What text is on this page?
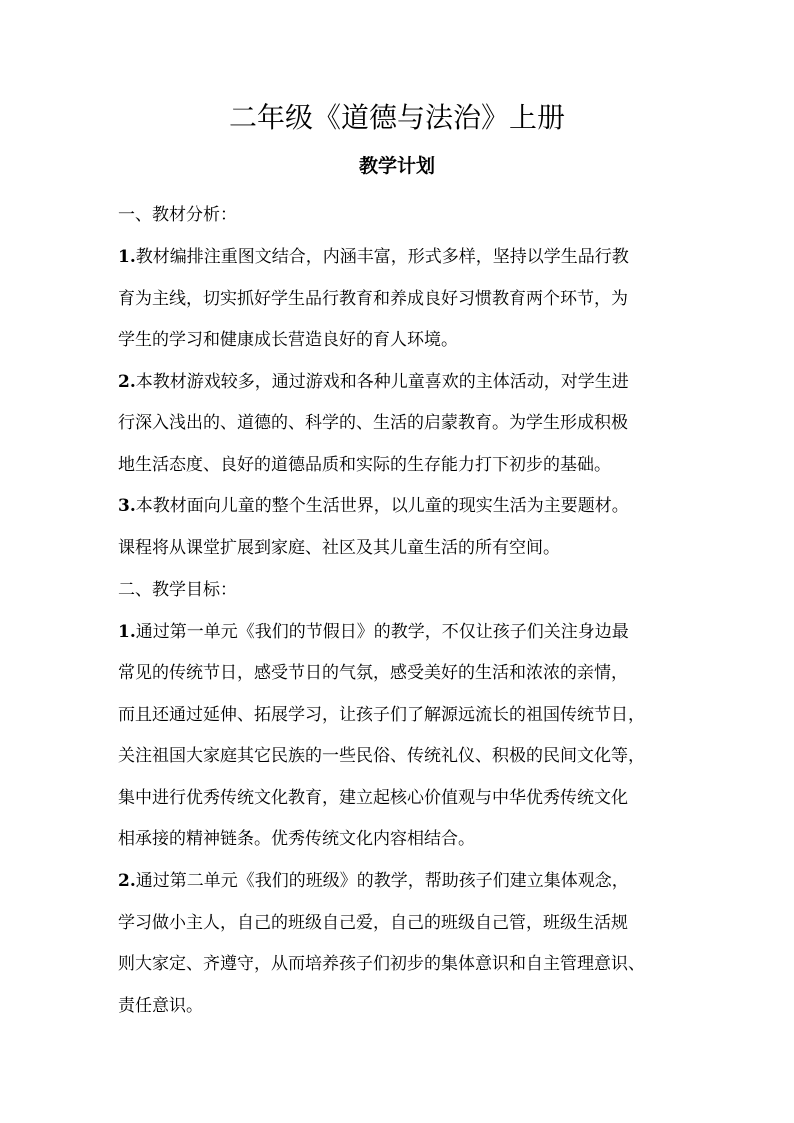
二年级《道德与法治》上册
教学计划
一、教材分析：
1.教材编排注重图文结合，内涵丰富，形式多样，坚持以学生品行教
育为主线，切实抓好学生品行教育和养成良好习惯教育两个环节，为
学生的学习和健康成长营造良好的育人环境。
2.本教材游戏较多，通过游戏和各种儿童喜欢的主体活动，对学生进
行深入浅出的、道德的、科学的、生活的启蒙教育。为学生形成积极
地生活态度、良好的道德品质和实际的生存能力打下初步的基础。
3.本教材面向儿童的整个生活世界，以儿童的现实生活为主要题材。
课程将从课堂扩展到家庭、社区及其儿童生活的所有空间。
二、教学目标：
1.通过第一单元《我们的节假日》的教学，不仅让孩子们关注身边最
常见的传统节日，感受节日的气氛，感受美好的生活和浓浓的亲情，
而且还通过延伸、拓展学习，让孩子们了解源远流长的祖国传统节日，
关注祖国大家庭其它民族的一些民俗、传统礼仪、积极的民间文化等，
集中进行优秀传统文化教育，建立起核心价值观与中华优秀传统文化
相承接的精神链条。优秀传统文化内容相结合。
2.通过第二单元《我们的班级》的教学，帮助孩子们建立集体观念，
学习做小主人，自己的班级自己爱，自己的班级自己管，班级生活规
则大家定、齐遵守，从而培养孩子们初步的集体意识和自主管理意识、
责任意识。
